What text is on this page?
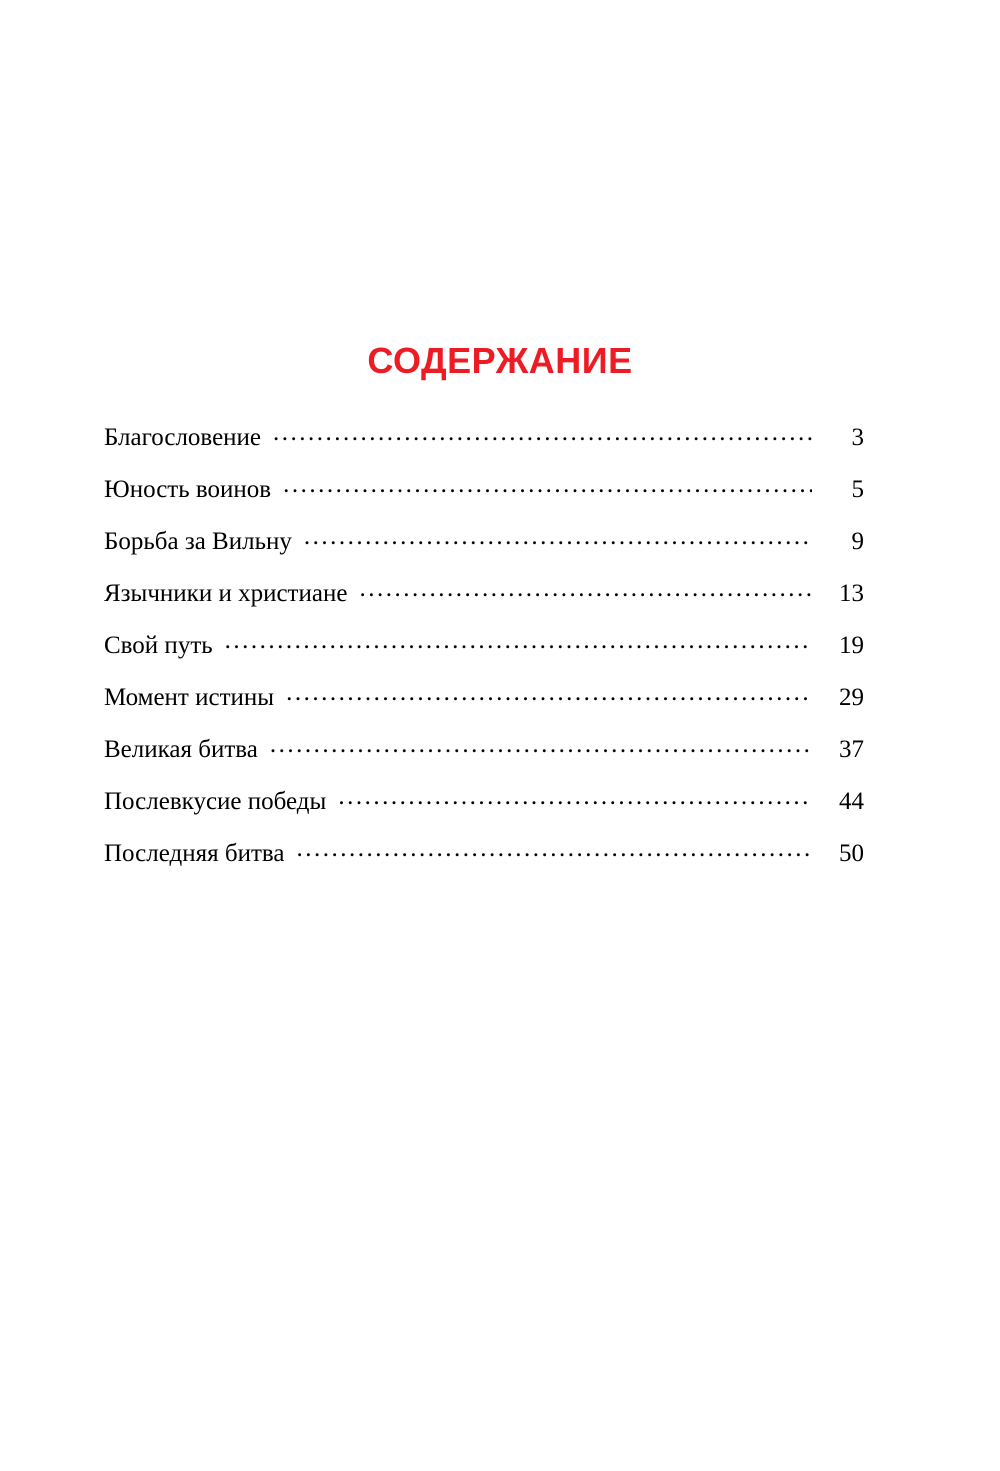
СОДЕРЖАНИЕ
Благословение .....	3
Юность воинов .....	5
Борьба за Вильну .....	9
Язычники и христиане .....	13
Свой путь .....	19
Момент истины .....	29
Великая битва .....	37
Послевкусие победы .....	44
Последняя битва .....	50
